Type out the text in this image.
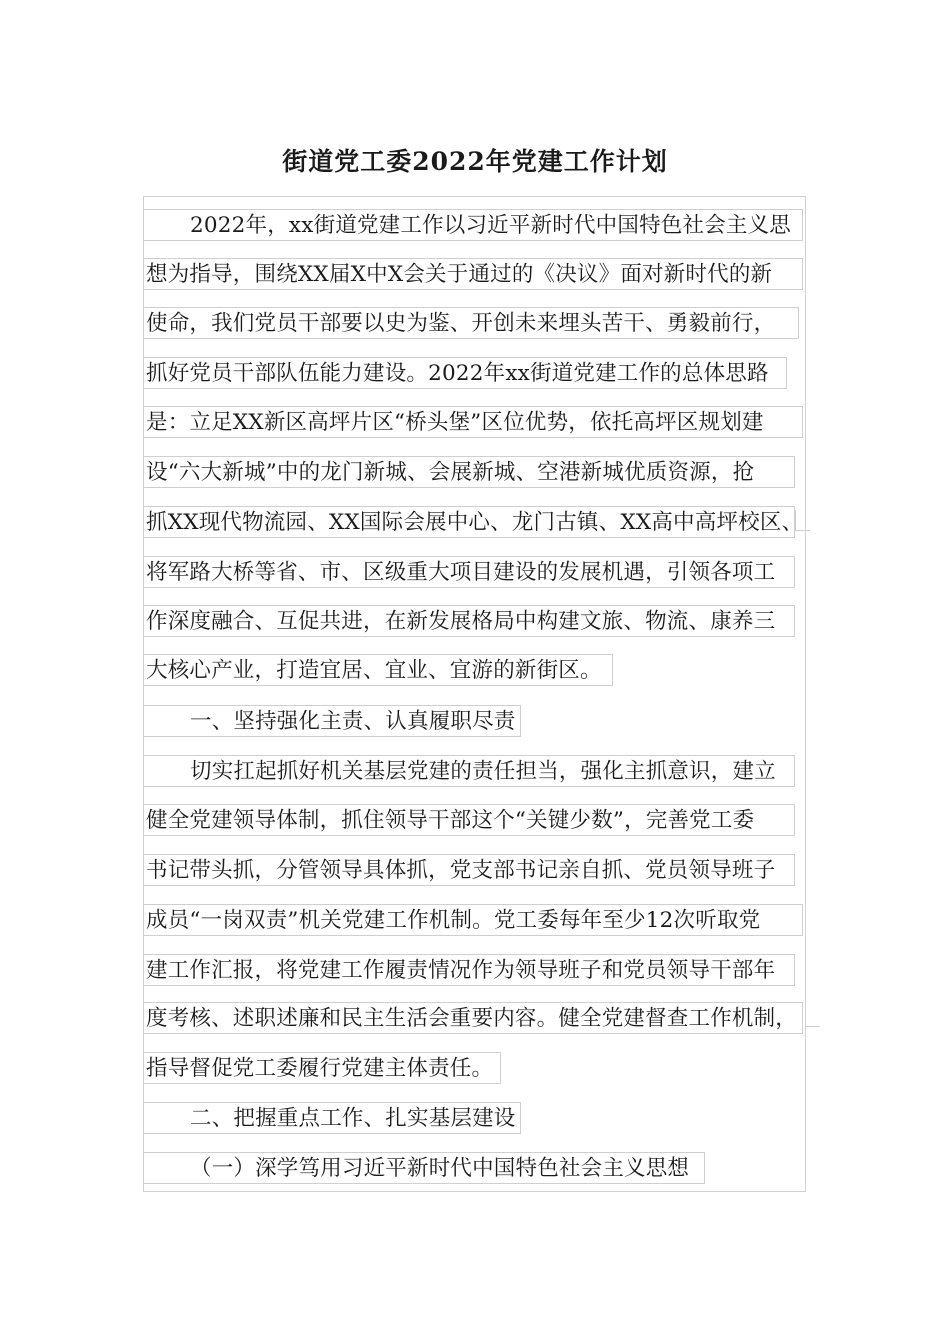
街道党工委2022年党建工作计划
2022年，xx街道党建工作以习近平新时代中国特色社会主义思
想为指导，围绕XX届X中X会关于通过的《决议》面对新时代的新
使命，我们党员干部要以史为鉴、开创未来埋头苦干、勇毅前行，
抓好党员干部队伍能力建设。2022年xx街道党建工作的总体思路
是：立足XX新区高坪片区“桥头堡”区位优势，依托高坪区规划建
设“六大新城”中的龙门新城、会展新城、空港新城优质资源，抢
抓XX现代物流园、XX国际会展中心、龙门古镇、XX高中高坪校区、
将军路大桥等省、市、区级重大项目建设的发展机遇，引领各项工
作深度融合、互促共进，在新发展格局中构建文旅、物流、康养三
大核心产业，打造宜居、宜业、宜游的新街区。
一、坚持强化主责、认真履职尽责
切实扛起抓好机关基层党建的责任担当，强化主抓意识，建立
健全党建领导体制，抓住领导干部这个“关键少数”，完善党工委
书记带头抓，分管领导具体抓，党支部书记亲自抓、党员领导班子
成员“一岗双责”机关党建工作机制。党工委每年至少12次听取党
建工作汇报，将党建工作履责情况作为领导班子和党员领导干部年
度考核、述职述廉和民主生活会重要内容。健全党建督查工作机制，
指导督促党工委履行党建主体责任。
二、把握重点工作、扎实基层建设
（一）深学笃用习近平新时代中国特色社会主义思想
